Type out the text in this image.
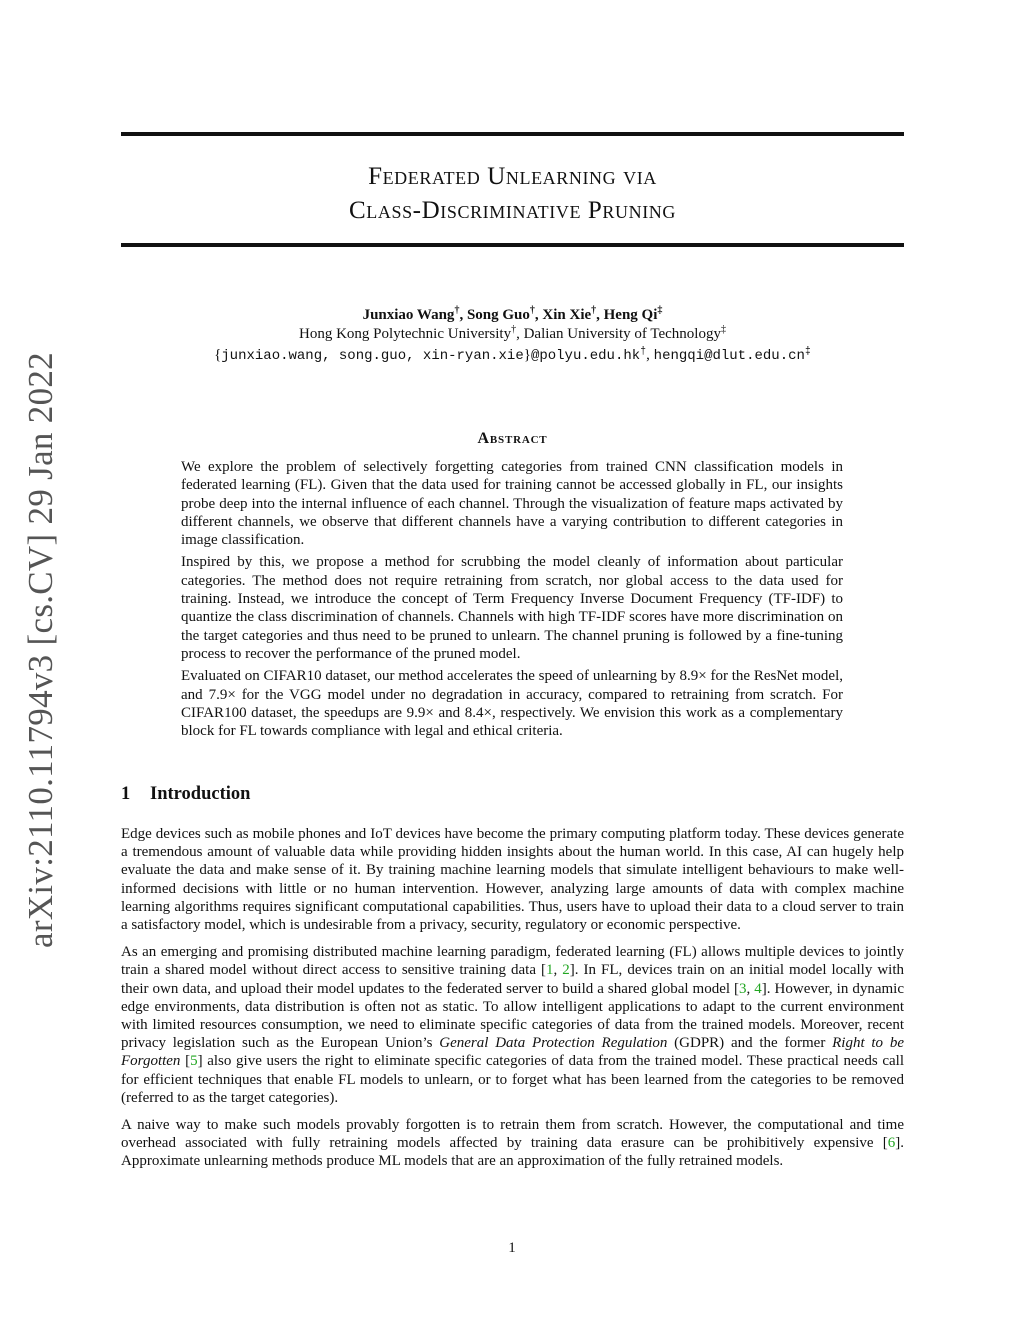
arXiv:2110.11794v3 [cs.CV] 29 Jan 2022
Federated Unlearning via
Class-Discriminative Pruning
Junxiao Wang†, Song Guo†, Xin Xie†, Heng Qi‡
Hong Kong Polytechnic University†, Dalian University of Technology‡
{junxiao.wang, song.guo, xin-ryan.xie}@polyu.edu.hk†, hengqi@dlut.edu.cn‡
Abstract

We explore the problem of selectively forgetting categories from trained CNN classification models in federated learning (FL). Given that the data used for training cannot be accessed globally in FL, our insights probe deep into the internal influence of each channel. Through the visualization of feature maps activated by different channels, we observe that different channels have a varying contribution to different categories in image classification.

Inspired by this, we propose a method for scrubbing the model cleanly of information about particular categories. The method does not require retraining from scratch, nor global access to the data used for training. Instead, we introduce the concept of Term Frequency Inverse Document Frequency (TF-IDF) to quantize the class discrimination of channels. Channels with high TF-IDF scores have more discrimination on the target categories and thus need to be pruned to unlearn. The channel pruning is followed by a fine-tuning process to recover the performance of the pruned model.

Evaluated on CIFAR10 dataset, our method accelerates the speed of unlearning by 8.9× for the ResNet model, and 7.9× for the VGG model under no degradation in accuracy, compared to retraining from scratch. For CIFAR100 dataset, the speedups are 9.9× and 8.4×, respectively. We envision this work as a complementary block for FL towards compliance with legal and ethical criteria.

1 Introduction

Edge devices such as mobile phones and IoT devices have become the primary computing platform today. These devices generate a tremendous amount of valuable data while providing hidden insights about the human world. In this case, AI can hugely help evaluate the data and make sense of it. By training machine learning models that simulate intelligent behaviours to make well-informed decisions with little or no human intervention. However, analyzing large amounts of data with complex machine learning algorithms requires significant computational capabilities. Thus, users have to upload their data to a cloud server to train a satisfactory model, which is undesirable from a privacy, security, regulatory or economic perspective.

As an emerging and promising distributed machine learning paradigm, federated learning (FL) allows multiple devices to jointly train a shared model without direct access to sensitive training data [1, 2]. In FL, devices train on an initial model locally with their own data, and upload their model updates to the federated server to build a shared global model [3, 4]. However, in dynamic edge environments, data distribution is often not as static. To allow intelligent applications to adapt to the current environment with limited resources consumption, we need to eliminate specific categories of data from the trained models. Moreover, recent privacy legislation such as the European Union’s General Data Protection Regulation (GDPR) and the former Right to be Forgotten [5] also give users the right to eliminate specific categories of data from the trained model. These practical needs call for efficient techniques that enable FL models to unlearn, or to forget what has been learned from the categories to be removed (referred to as the target categories).

A naive way to make such models provably forgotten is to retrain them from scratch. However, the computational and time overhead associated with fully retraining models affected by training data erasure can be prohibitively expensive [6]. Approximate unlearning methods produce ML models that are an approximation of the fully retrained models.

1
